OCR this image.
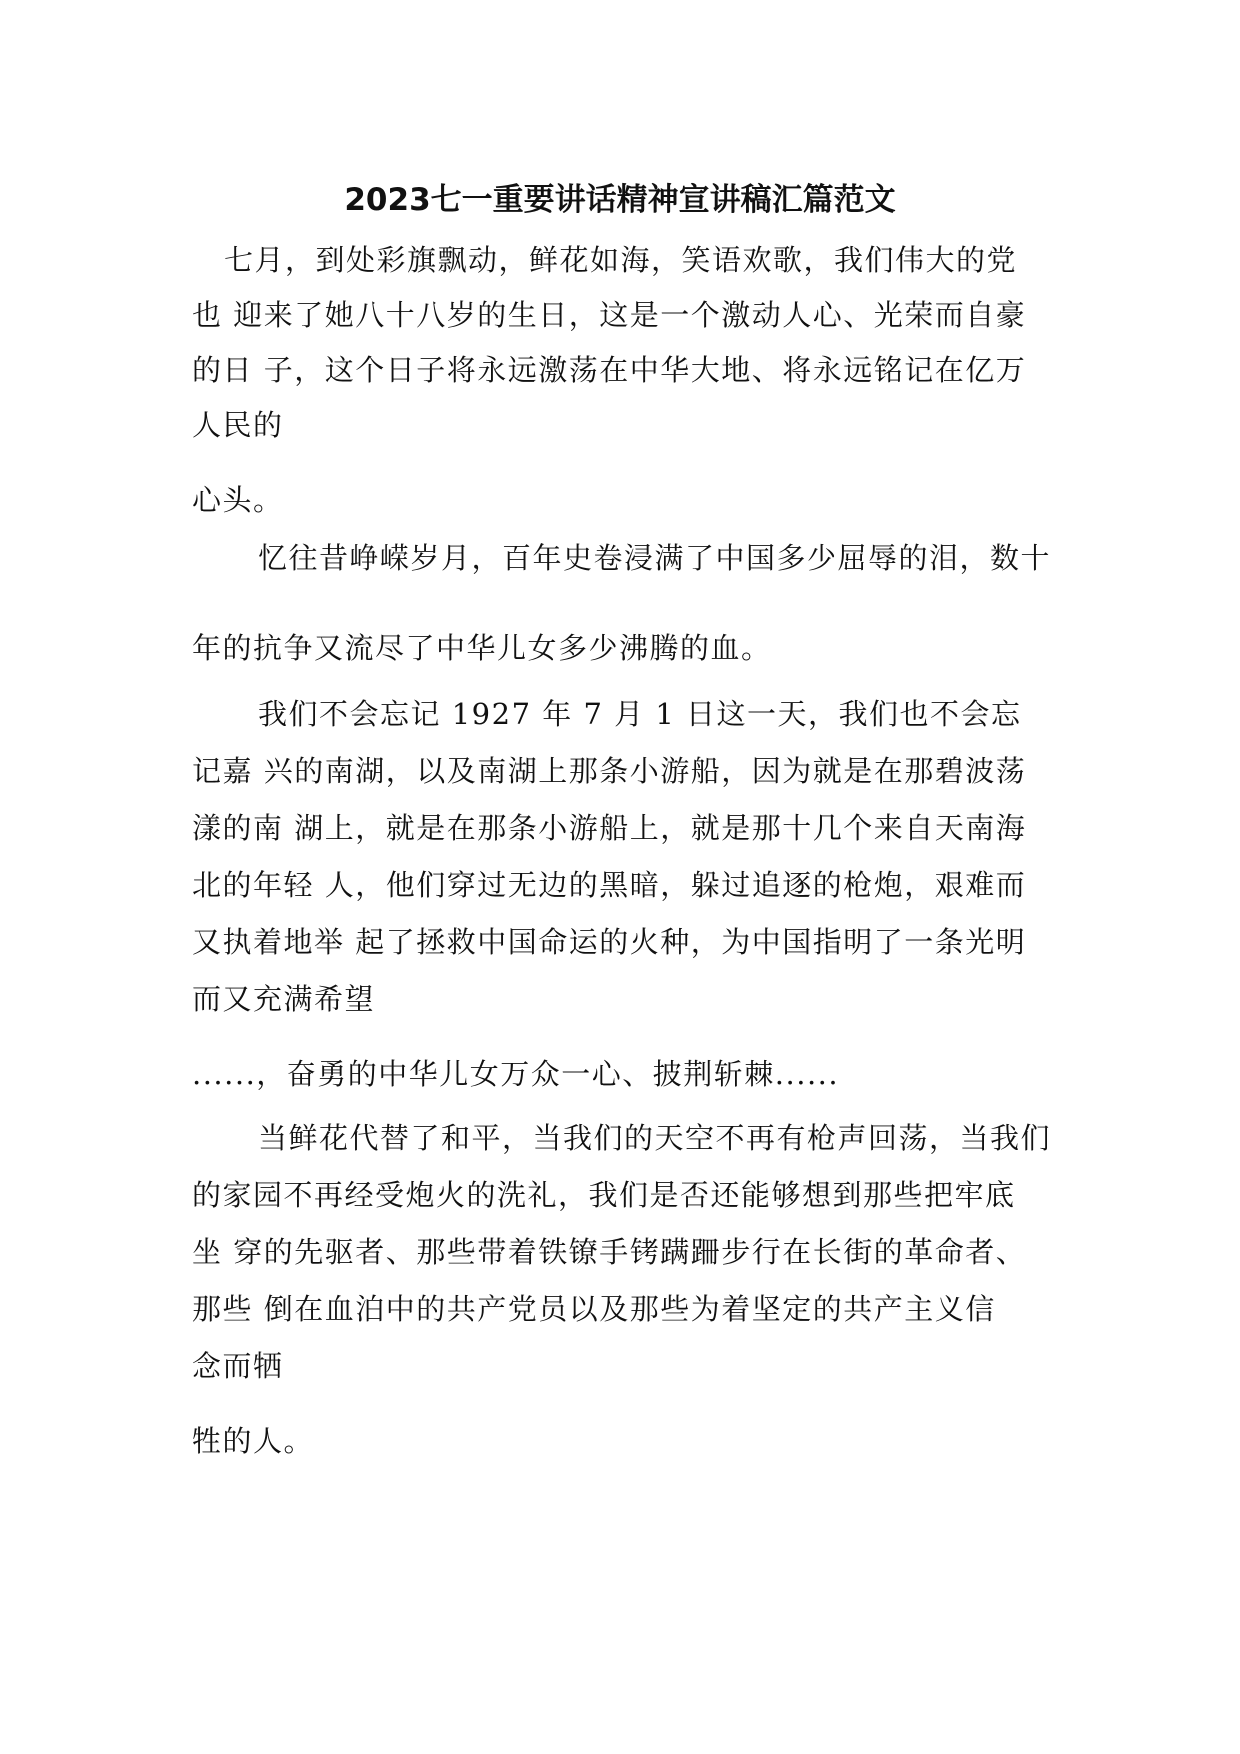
2023七一重要讲话精神宣讲稿汇篇范文
七月，到处彩旗飘动，鲜花如海，笑语欢歌，我们伟大的党
也 迎来了她八十八岁的生日，这是一个激动人心、光荣而自豪
的日 子，这个日子将永远激荡在中华大地、将永远铭记在亿万
人民的
心头。
忆往昔峥嵘岁月，百年史卷浸满了中国多少屈辱的泪，数十
年的抗争又流尽了中华儿女多少沸腾的血。
我们不会忘记 1927 年 7 月 1 日这一天，我们也不会忘
记嘉 兴的南湖，以及南湖上那条小游船，因为就是在那碧波荡
漾的南 湖上，就是在那条小游船上，就是那十几个来自天南海
北的年轻 人，他们穿过无边的黑暗，躲过追逐的枪炮，艰难而
又执着地举 起了拯救中国命运的火种，为中国指明了一条光明
而又充满希望
......，奋勇的中华儿女万众一心、披荆斩棘......
当鲜花代替了和平，当我们的天空不再有枪声回荡，当我们
的家园不再经受炮火的洗礼，我们是否还能够想到那些把牢底
坐 穿的先驱者、那些带着铁镣手铐蹒跚步行在长街的革命者、
那些 倒在血泊中的共产党员以及那些为着坚定的共产主义信
念而牺
牲的人。
